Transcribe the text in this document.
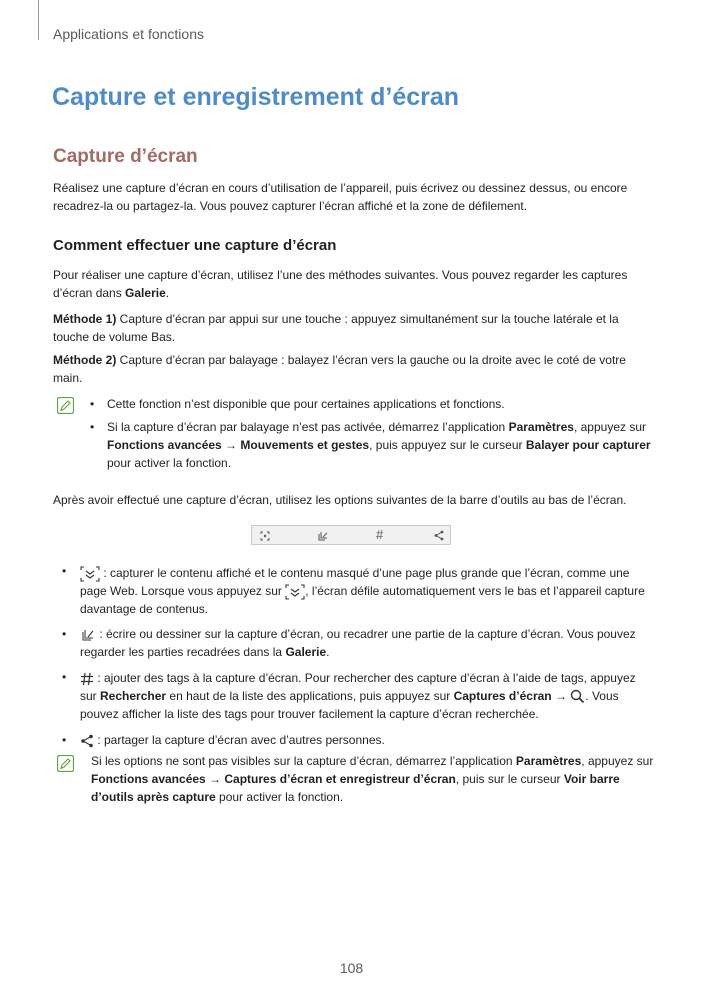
Applications et fonctions
Capture et enregistrement d’écran
Capture d’écran
Réalisez une capture d’écran en cours d’utilisation de l’appareil, puis écrivez ou dessinez dessus, ou encore recadrez-la ou partagez-la. Vous pouvez capturer l’écran affiché et la zone de défilement.
Comment effectuer une capture d’écran
Pour réaliser une capture d’écran, utilisez l’une des méthodes suivantes. Vous pouvez regarder les captures d’écran dans Galerie.
Méthode 1) Capture d’écran par appui sur une touche : appuyez simultanément sur la touche latérale et la touche de volume Bas.
Méthode 2) Capture d’écran par balayage : balayez l’écran vers la gauche ou la droite avec le coté de votre main.
• Cette fonction n’est disponible que pour certaines applications et fonctions.
• Si la capture d’écran par balayage n’est pas activée, démarrez l’application Paramètres, appuyez sur Fonctions avancées → Mouvements et gestes, puis appuyez sur le curseur Balayer pour capturer pour activer la fonction.
Après avoir effectué une capture d’écran, utilisez les options suivantes de la barre d’outils au bas de l’écran.
#
•	: capturer le contenu affiché et le contenu masqué d’une page plus grande que l’écran, comme une page Web. Lorsque vous appuyez sur , l’écran défile automatiquement vers le bas et l’appareil capture davantage de contenus.
•	: écrire ou dessiner sur la capture d’écran, ou recadrer une partie de la capture d’écran. Vous pouvez regarder les parties recadrées dans la Galerie.
•	: ajouter des tags à la capture d’écran. Pour rechercher des capture d’écran à l’aide de tags, appuyez sur Rechercher en haut de la liste des applications, puis appuyez sur Captures d’écran → . Vous pouvez afficher la liste des tags pour trouver facilement la capture d’écran recherchée.
•	: partager la capture d’écran avec d’autres personnes.
Si les options ne sont pas visibles sur la capture d’écran, démarrez l’application Paramètres, appuyez sur Fonctions avancées → Captures d’écran et enregistreur d’écran, puis sur le curseur Voir barre d’outils après capture pour activer la fonction.
108
